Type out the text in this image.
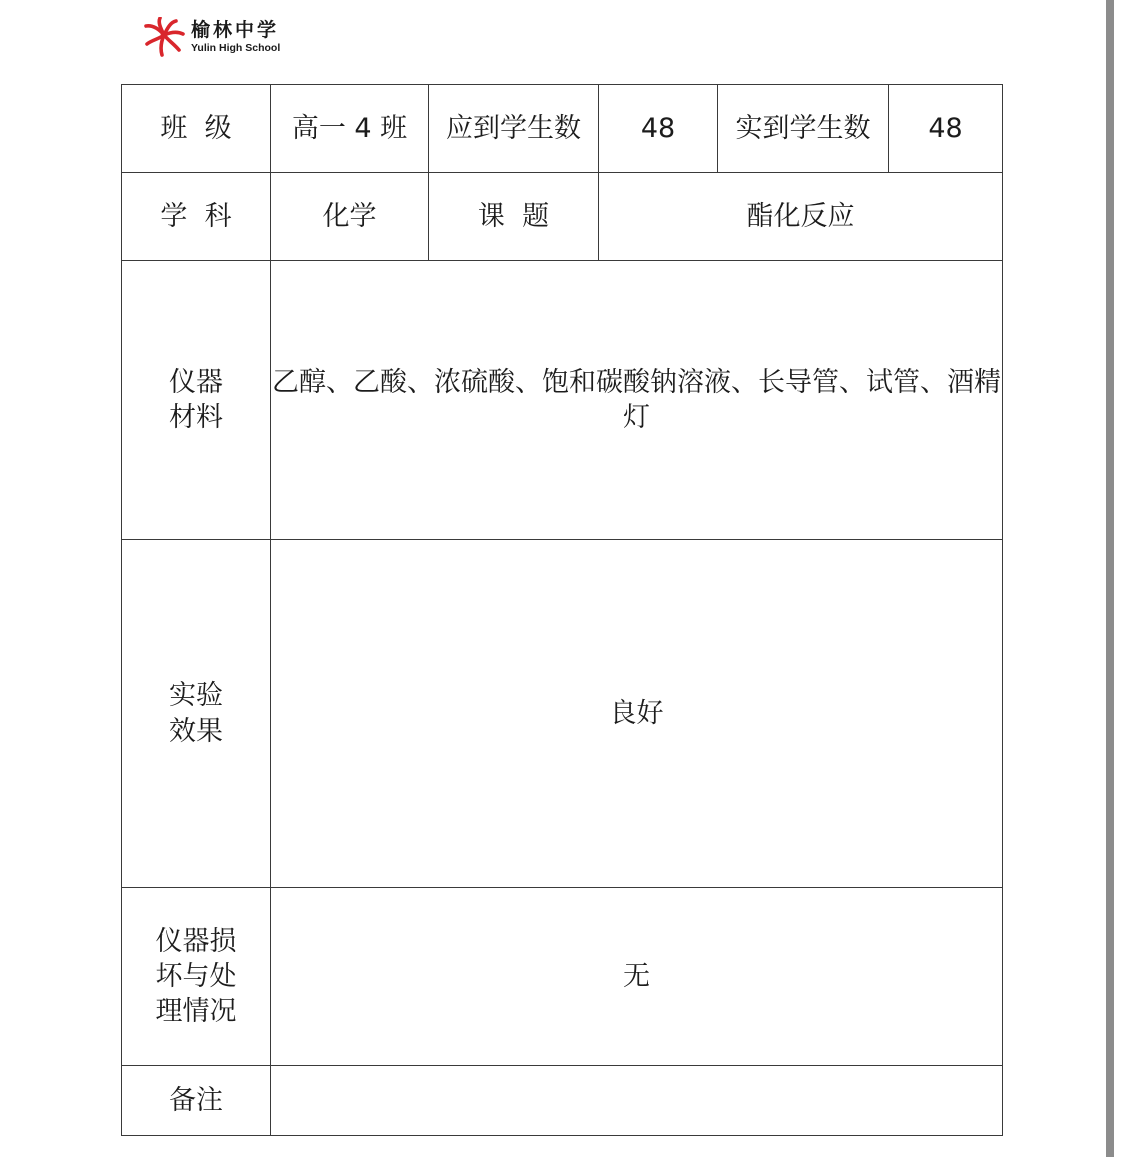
榆林中学
Yulin High School
班  级	高一 4 班	应到学生数	48	实到学生数	48
学  科	化学	课  题	酯化反应		

仪器
材料	乙醇、乙酸、浓硫酸、饱和碳酸钠溶液、长导管、试管、酒精灯				

实验
效果	良好				

仪器损
坏与处
理情况	无				
备注					
